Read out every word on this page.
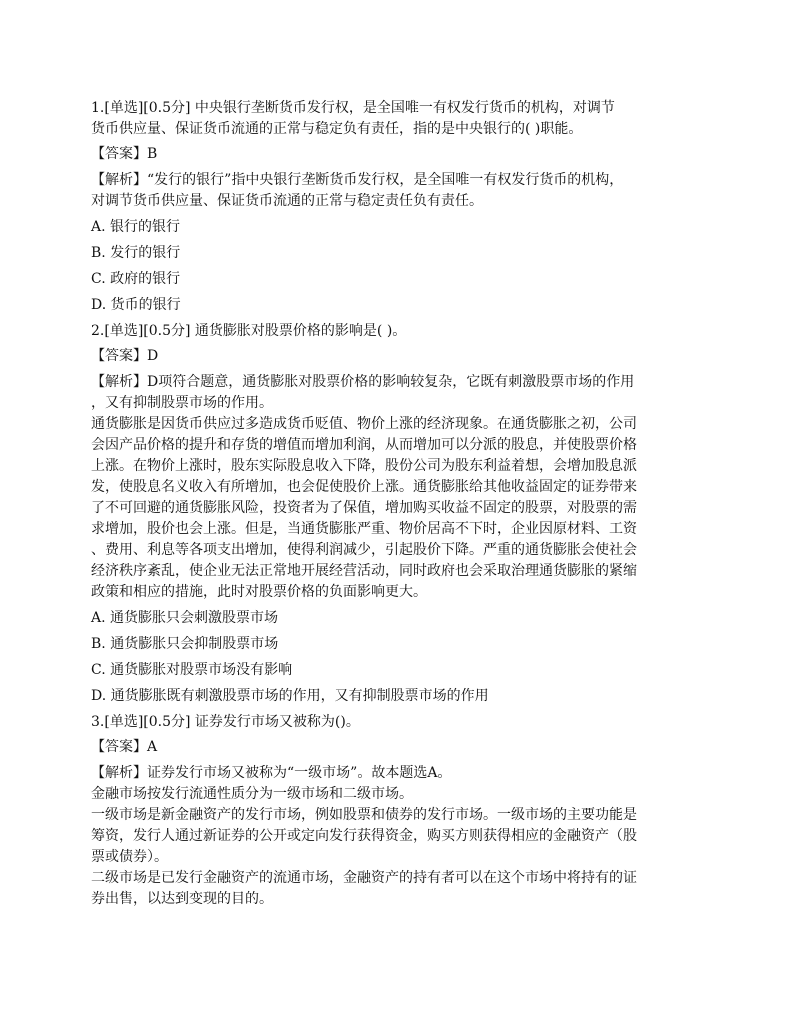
1.[单选][0.5分] 中央银行垄断货币发行权，是全国唯一有权发行货币的机构，对调节

货币供应量、保证货币流通的正常与稳定负有责任，指的是中央银行的( )职能。

【答案】B

【解析】“发行的银行”指中央银行垄断货币发行权，是全国唯一有权发行货币的机构，

对调节货币供应量、保证货币流通的正常与稳定责任负有责任。

A. 银行的银行
B. 发行的银行
C. 政府的银行
D. 货币的银行

2.[单选][0.5分] 通货膨胀对股票价格的影响是( )。

【答案】D

【解析】D项符合题意，通货膨胀对股票价格的影响较复杂，它既有刺激股票市场的作用

，又有抑制股票市场的作用。

通货膨胀是因货币供应过多造成货币贬值、物价上涨的经济现象。在通货膨胀之初，公司

会因产品价格的提升和存货的增值而增加利润，从而增加可以分派的股息，并使股票价格

上涨。在物价上涨时，股东实际股息收入下降，股份公司为股东利益着想，会增加股息派

发，使股息名义收入有所增加，也会促使股价上涨。通货膨胀给其他收益固定的证券带来

了不可回避的通货膨胀风险，投资者为了保值，增加购买收益不固定的股票，对股票的需

求增加，股价也会上涨。但是，当通货膨胀严重、物价居高不下时，企业因原材料、工资

、费用、利息等各项支出增加，使得利润减少，引起股价下降。严重的通货膨胀会使社会

经济秩序紊乱，使企业无法正常地开展经营活动，同时政府也会采取治理通货膨胀的紧缩

政策和相应的措施，此时对股票价格的负面影响更大。

A. 通货膨胀只会刺激股票市场
B. 通货膨胀只会抑制股票市场
C. 通货膨胀对股票市场没有影响
D. 通货膨胀既有刺激股票市场的作用，又有抑制股票市场的作用

3.[单选][0.5分] 证券发行市场又被称为()。

【答案】A

【解析】证券发行市场又被称为“一级市场”。故本题选A。

金融市场按发行流通性质分为一级市场和二级市场。

一级市场是新金融资产的发行市场，例如股票和债券的发行市场。一级市场的主要功能是

筹资，发行人通过新证券的公开或定向发行获得资金，购买方则获得相应的金融资产（股

票或债券）。

二级市场是已发行金融资产的流通市场，金融资产的持有者可以在这个市场中将持有的证

券出售，以达到变现的目的。
